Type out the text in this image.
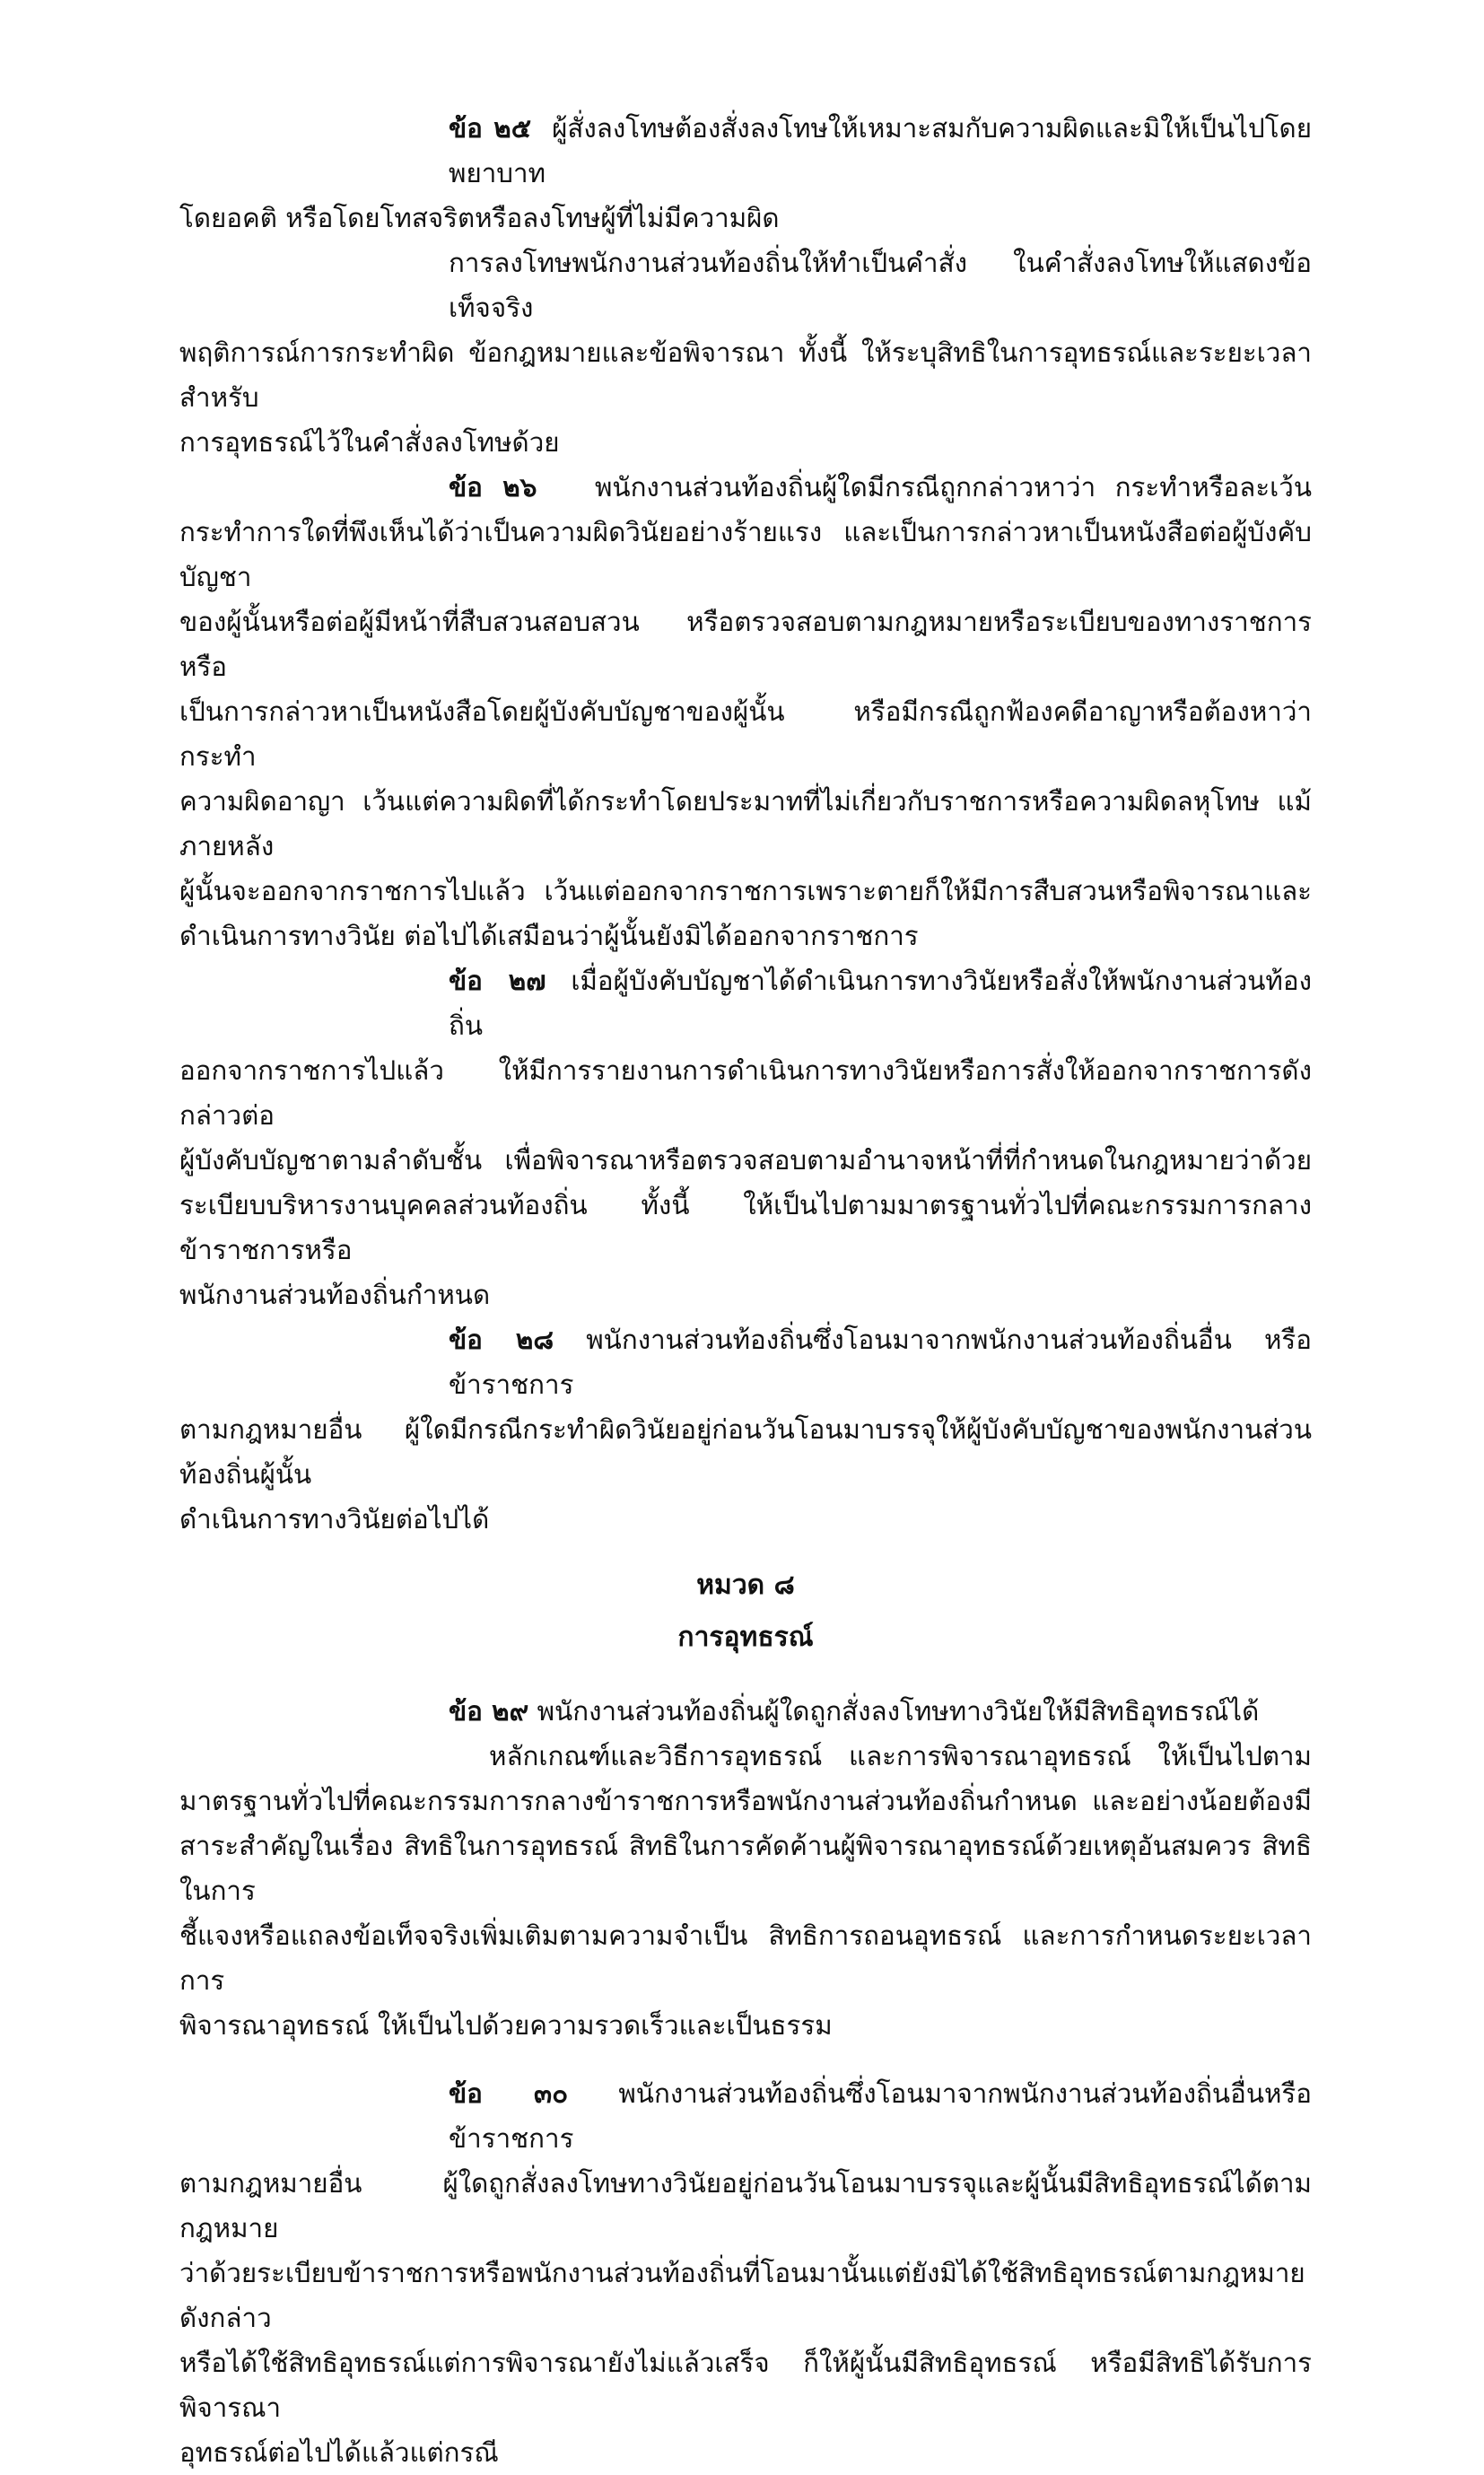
ข้อ ๒๕ ผู้สั่งลงโทษต้องสั่งลงโทษให้เหมาะสมกับความผิดและมิให้เป็นไปโดยพยาบาท
โดยอคติ หรือโดยโทสจริตหรือลงโทษผู้ที่ไม่มีความผิด

การลงโทษพนักงานส่วนท้องถิ่นให้ทำเป็นคำสั่ง ในคำสั่งลงโทษให้แสดงข้อเท็จจริง
พฤติการณ์การกระทำผิด ข้อกฎหมายและข้อพิจารณา ทั้งนี้ ให้ระบุสิทธิในการอุทธรณ์และระยะเวลาสำหรับ
การอุทธรณ์ไว้ในคำสั่งลงโทษด้วย

ข้อ ๒๖ พนักงานส่วนท้องถิ่นผู้ใดมีกรณีถูกกล่าวหาว่า กระทำหรือละเว้น
กระทำการใดที่พึงเห็นได้ว่าเป็นความผิดวินัยอย่างร้ายแรง และเป็นการกล่าวหาเป็นหนังสือต่อผู้บังคับบัญชา
ของผู้นั้นหรือต่อผู้มีหน้าที่สืบสวนสอบสวน หรือตรวจสอบตามกฎหมายหรือระเบียบของทางราชการ หรือ
เป็นการกล่าวหาเป็นหนังสือโดยผู้บังคับบัญชาของผู้นั้น หรือมีกรณีถูกฟ้องคดีอาญาหรือต้องหาว่ากระทำ
ความผิดอาญา เว้นแต่ความผิดที่ได้กระทำโดยประมาทที่ไม่เกี่ยวกับราชการหรือความผิดลหุโทษ แม้ภายหลัง
ผู้นั้นจะออกจากราชการไปแล้ว เว้นแต่ออกจากราชการเพราะตายก็ให้มีการสืบสวนหรือพิจารณาและ
ดำเนินการทางวินัย ต่อไปได้เสมือนว่าผู้นั้นยังมิได้ออกจากราชการ

ข้อ ๒๗ เมื่อผู้บังคับบัญชาได้ดำเนินการทางวินัยหรือสั่งให้พนักงานส่วนท้องถิ่น
ออกจากราชการไปแล้ว ให้มีการรายงานการดำเนินการทางวินัยหรือการสั่งให้ออกจากราชการดังกล่าวต่อ
ผู้บังคับบัญชาตามลำดับชั้น เพื่อพิจารณาหรือตรวจสอบตามอำนาจหน้าที่ที่กำหนดในกฎหมายว่าด้วย
ระเบียบบริหารงานบุคคลส่วนท้องถิ่น ทั้งนี้ ให้เป็นไปตามมาตรฐานทั่วไปที่คณะกรรมการกลางข้าราชการหรือ
พนักงานส่วนท้องถิ่นกำหนด

ข้อ ๒๘ พนักงานส่วนท้องถิ่นซึ่งโอนมาจากพนักงานส่วนท้องถิ่นอื่น หรือข้าราชการ
ตามกฎหมายอื่น ผู้ใดมีกรณีกระทำผิดวินัยอยู่ก่อนวันโอนมาบรรจุให้ผู้บังคับบัญชาของพนักงานส่วนท้องถิ่นผู้นั้น
ดำเนินการทางวินัยต่อไปได้

หมวด ๘

การอุทธรณ์

ข้อ ๒๙ พนักงานส่วนท้องถิ่นผู้ใดถูกสั่งลงโทษทางวินัยให้มีสิทธิอุทธรณ์ได้

หลักเกณฑ์และวิธีการอุทธรณ์ และการพิจารณาอุทธรณ์ ให้เป็นไปตาม
มาตรฐานทั่วไปที่คณะกรรมการกลางข้าราชการหรือพนักงานส่วนท้องถิ่นกำหนด และอย่างน้อยต้องมี
สาระสำคัญในเรื่อง สิทธิในการอุทธรณ์ สิทธิในการคัดค้านผู้พิจารณาอุทธรณ์ด้วยเหตุอันสมควร สิทธิในการ
ชี้แจงหรือแถลงข้อเท็จจริงเพิ่มเติมตามความจำเป็น สิทธิการถอนอุทธรณ์ และการกำหนดระยะเวลาการ
พิจารณาอุทธรณ์ ให้เป็นไปด้วยความรวดเร็วและเป็นธรรม

ข้อ ๓๐ พนักงานส่วนท้องถิ่นซึ่งโอนมาจากพนักงานส่วนท้องถิ่นอื่นหรือข้าราชการ
ตามกฎหมายอื่น ผู้ใดถูกสั่งลงโทษทางวินัยอยู่ก่อนวันโอนมาบรรจุและผู้นั้นมีสิทธิอุทธรณ์ได้ตามกฎหมาย
ว่าด้วยระเบียบข้าราชการหรือพนักงานส่วนท้องถิ่นที่โอนมานั้นแต่ยังมิได้ใช้สิทธิอุทธรณ์ตามกฎหมายดังกล่าว
หรือได้ใช้สิทธิอุทธรณ์แต่การพิจารณายังไม่แล้วเสร็จ ก็ให้ผู้นั้นมีสิทธิอุทธรณ์ หรือมีสิทธิได้รับการพิจารณา
อุทธรณ์ต่อไปได้แล้วแต่กรณี
